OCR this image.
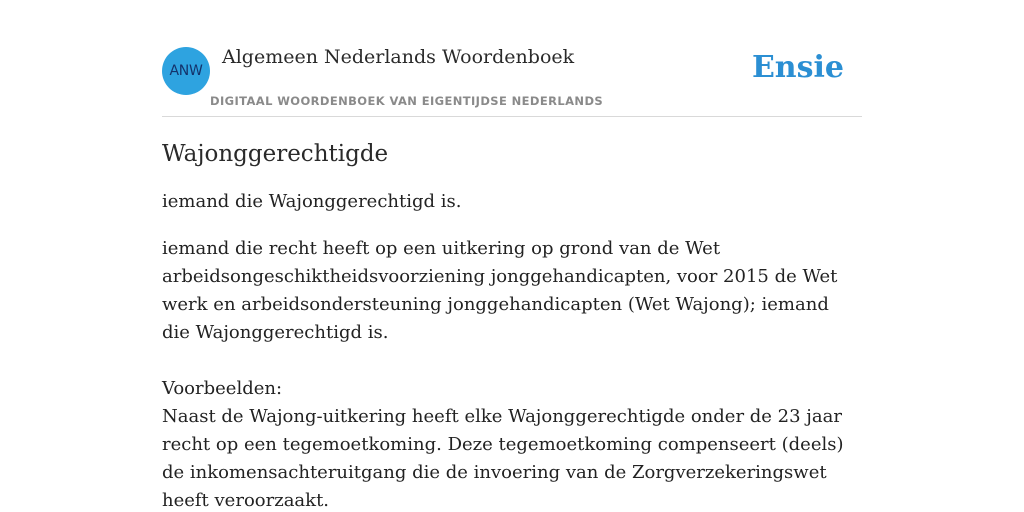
ANW
Algemeen Nederlands Woordenboek
DIGITAAL WOORDENBOEK VAN EIGENTIJDSE NEDERLANDS
Ensie
Wajonggerechtigde

iemand die Wajonggerechtigd is.

iemand die recht heeft op een uitkering op grond van de Wet arbeidsongeschiktheidsvoorziening jonggehandicapten, voor 2015 de Wet werk en arbeidsondersteuning jonggehandicapten (Wet Wajong); iemand die Wajonggerechtigd is.

Voorbeelden:
Naast de Wajong-uitkering heeft elke Wajonggerechtigde onder de 23 jaar recht op een tegemoetkoming. Deze tegemoetkoming compenseert (deels) de inkomensachteruitgang die de invoering van de Zorgverzekeringswet heeft veroorzaakt.
